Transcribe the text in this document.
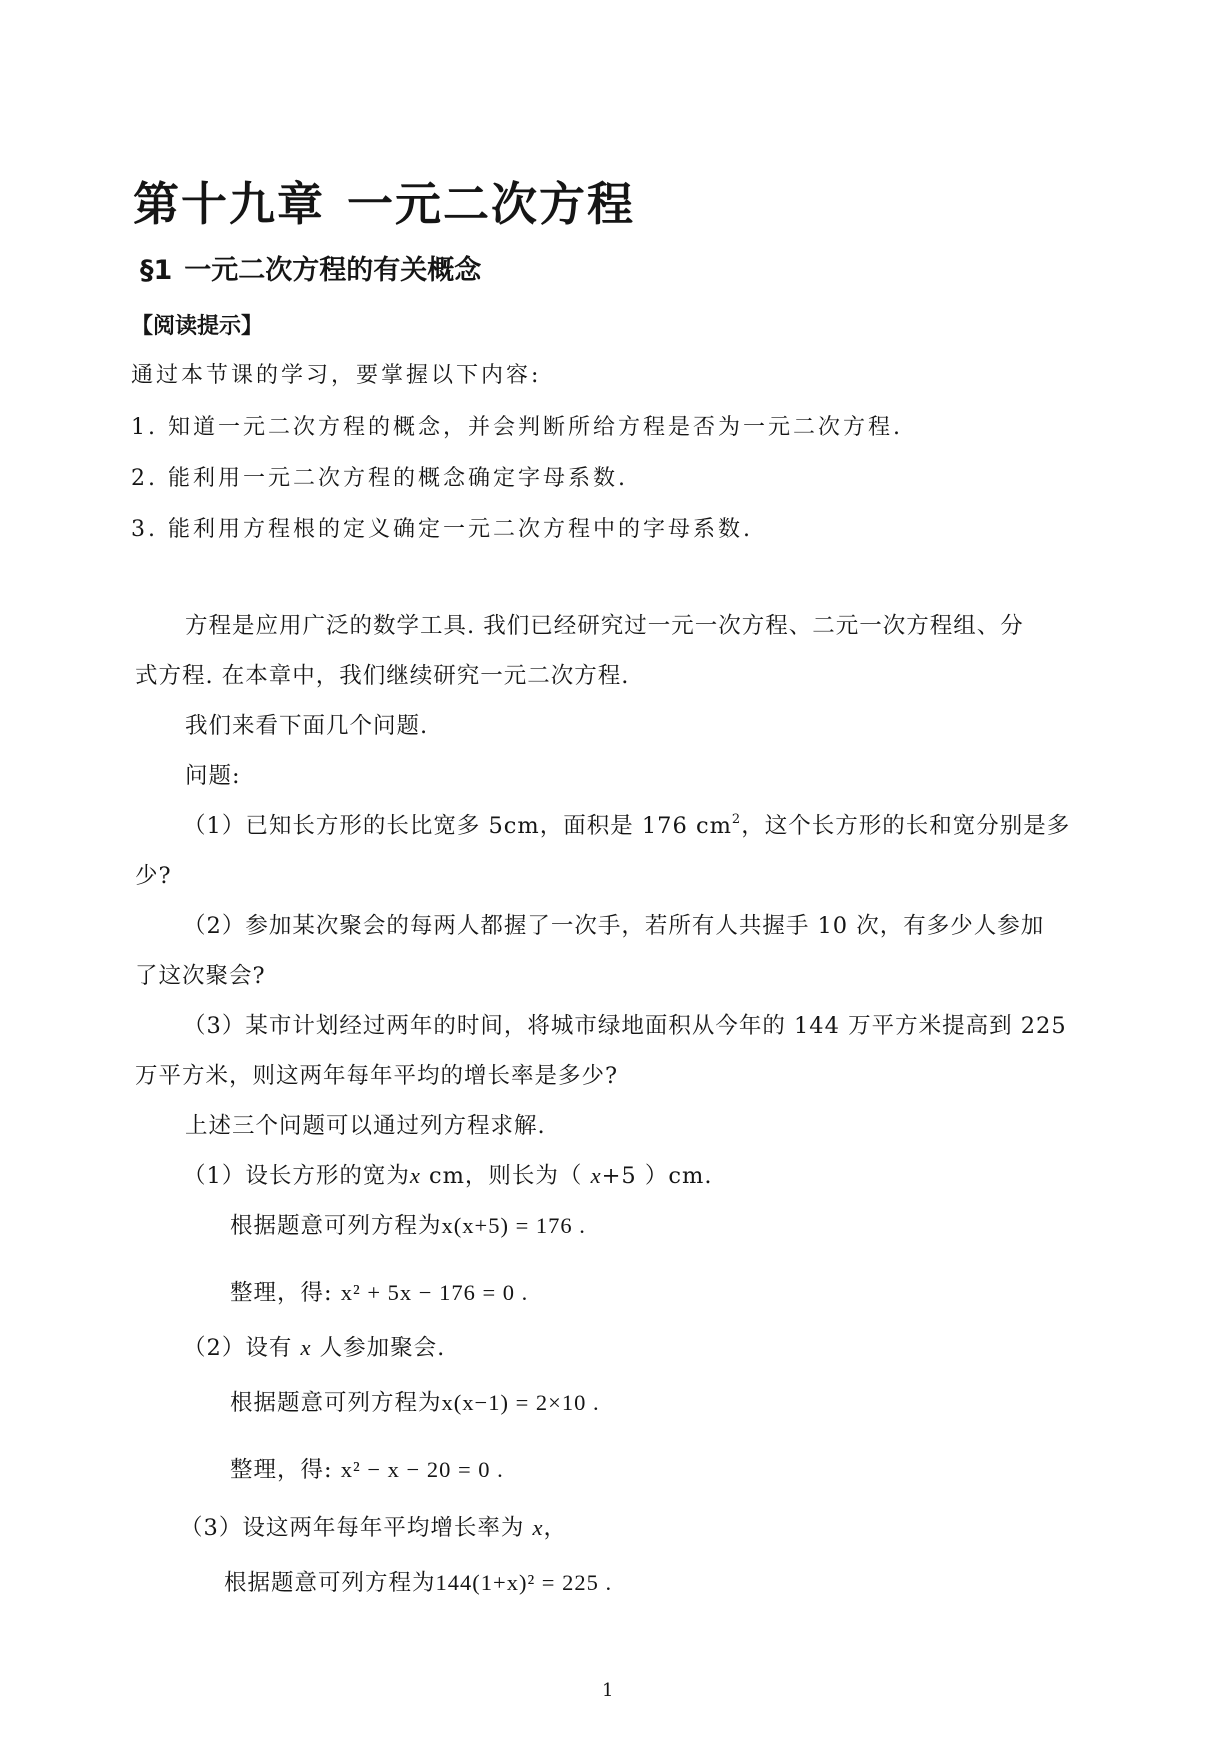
第十九章 一元二次方程
§1 一元二次方程的有关概念
【阅读提示】
通过本节课的学习，要掌握以下内容:
1. 知道一元二次方程的概念，并会判断所给方程是否为一元二次方程.
2. 能利用一元二次方程的概念确定字母系数.
3. 能利用方程根的定义确定一元二次方程中的字母系数.
方程是应用广泛的数学工具. 我们已经研究过一元一次方程、二元一次方程组、分
式方程. 在本章中，我们继续研究一元二次方程.
我们来看下面几个问题.
问题:
（1）已知长方形的长比宽多 5cm，面积是 176 $cm^2$，这个长方形的长和宽分别是多
少?
（2）参加某次聚会的每两人都握了一次手，若所有人共握手 10 次，有多少人参加
了这次聚会?
（3）某市计划经过两年的时间，将城市绿地面积从今年的 144 万平方米提高到 225
万平方米，则这两年每年平均的增长率是多少?
上述三个问题可以通过列方程求解.
（1）设长方形的宽为x cm，则长为（ x+5 ）cm.
根据题意可列方程为x(x+5) = 176 .
整理，得: x² + 5x − 176 = 0 .
（2）设有 x 人参加聚会.
根据题意可列方程为x(x−1) = 2×10 .
整理，得: x² − x − 20 = 0 .
（3）设这两年每年平均增长率为 x，
根据题意可列方程为144(1+x)² = 225 .
1
